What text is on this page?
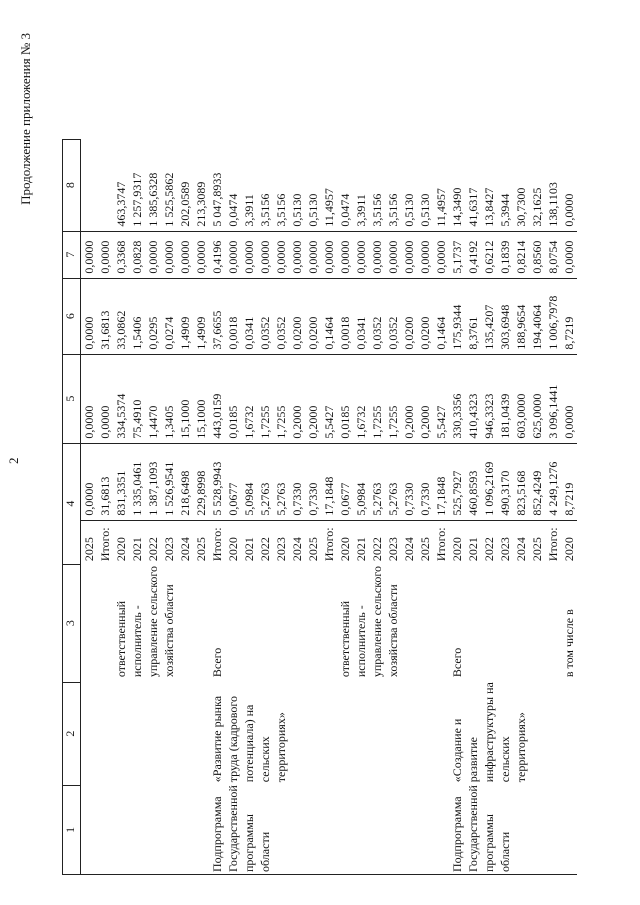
2
Продолжение приложения № 3
1	2	3	4		5	6	7	8
			2025	0,0000	0,0000	0,0000	0,0000	
			Итого:	31,6813	0,0000	31,6813	0,0000	
		ответственный	2020	831,3351	334,5374	33,0862	0,3368	463,3747
		исполнитель -	2021	1 335,0461	75,4910	1,5406	0,0828	1 257,9317
		управление сельского	2022	1 387,1093	1,4470	0,0295	0,0000	1 385,6328
		хозяйства области	2023	1 526,9541	1,3405	0,0274	0,0000	1 525,5862
			2024	218,6498	15,1000	1,4909	0,0000	202,0589
			2025	229,8998	15,1000	1,4909	0,0000	213,3089
Подпрограмма	«Развитие рынка	Всего	Итого:	5 528,9943	443,0159	37,6655	0,4196	5 047,8933
Государственной	труда (кадрового		2020	0,0677	0,0185	0,0018	0,0000	0,0474
программы	потенциала) на		2021	5,0984	1,6732	0,0341	0,0000	3,3911
области	сельских		2022	5,2763	1,7255	0,0352	0,0000	3,5156
	территориях»		2023	5,2763	1,7255	0,0352	0,0000	3,5156
			2024	0,7330	0,2000	0,0200	0,0000	0,5130
			2025	0,7330	0,2000	0,0200	0,0000	0,5130
			Итого:	17,1848	5,5427	0,1464	0,0000	11,4957
		ответственный	2020	0,0677	0,0185	0,0018	0,0000	0,0474
		исполнитель -	2021	5,0984	1,6732	0,0341	0,0000	3,3911
		управление сельского	2022	5,2763	1,7255	0,0352	0,0000	3,5156
		хозяйства области	2023	5,2763	1,7255	0,0352	0,0000	3,5156
			2024	0,7330	0,2000	0,0200	0,0000	0,5130
			2025	0,7330	0,2000	0,0200	0,0000	0,5130
			Итого:	17,1848	5,5427	0,1464	0,0000	11,4957
Подпрограмма	«Создание и	Всего	2020	525,7927	330,3356	175,9344	5,1737	14,3490
Государственной	развитие		2021	460,8593	410,4323	8,3761	0,4192	41,6317
программы	инфраструктуры на		2022	1 096,2169	946,3323	135,4207	0,6212	13,8427
области	сельских		2023	490,3170	181,0439	303,6948	0,1839	5,3944
	территориях»		2024	823,5168	603,0000	188,9654	0,8214	30,7300
			2025	852,4249	625,0000	194,4064	0,8560	32,1625
			Итого:	4 249,1276	3 096,1441	1 006,7978	8,0754	138,1103
		в том числе в	2020	8,7219	0,0000	8,7219	0,0000	0,0000
